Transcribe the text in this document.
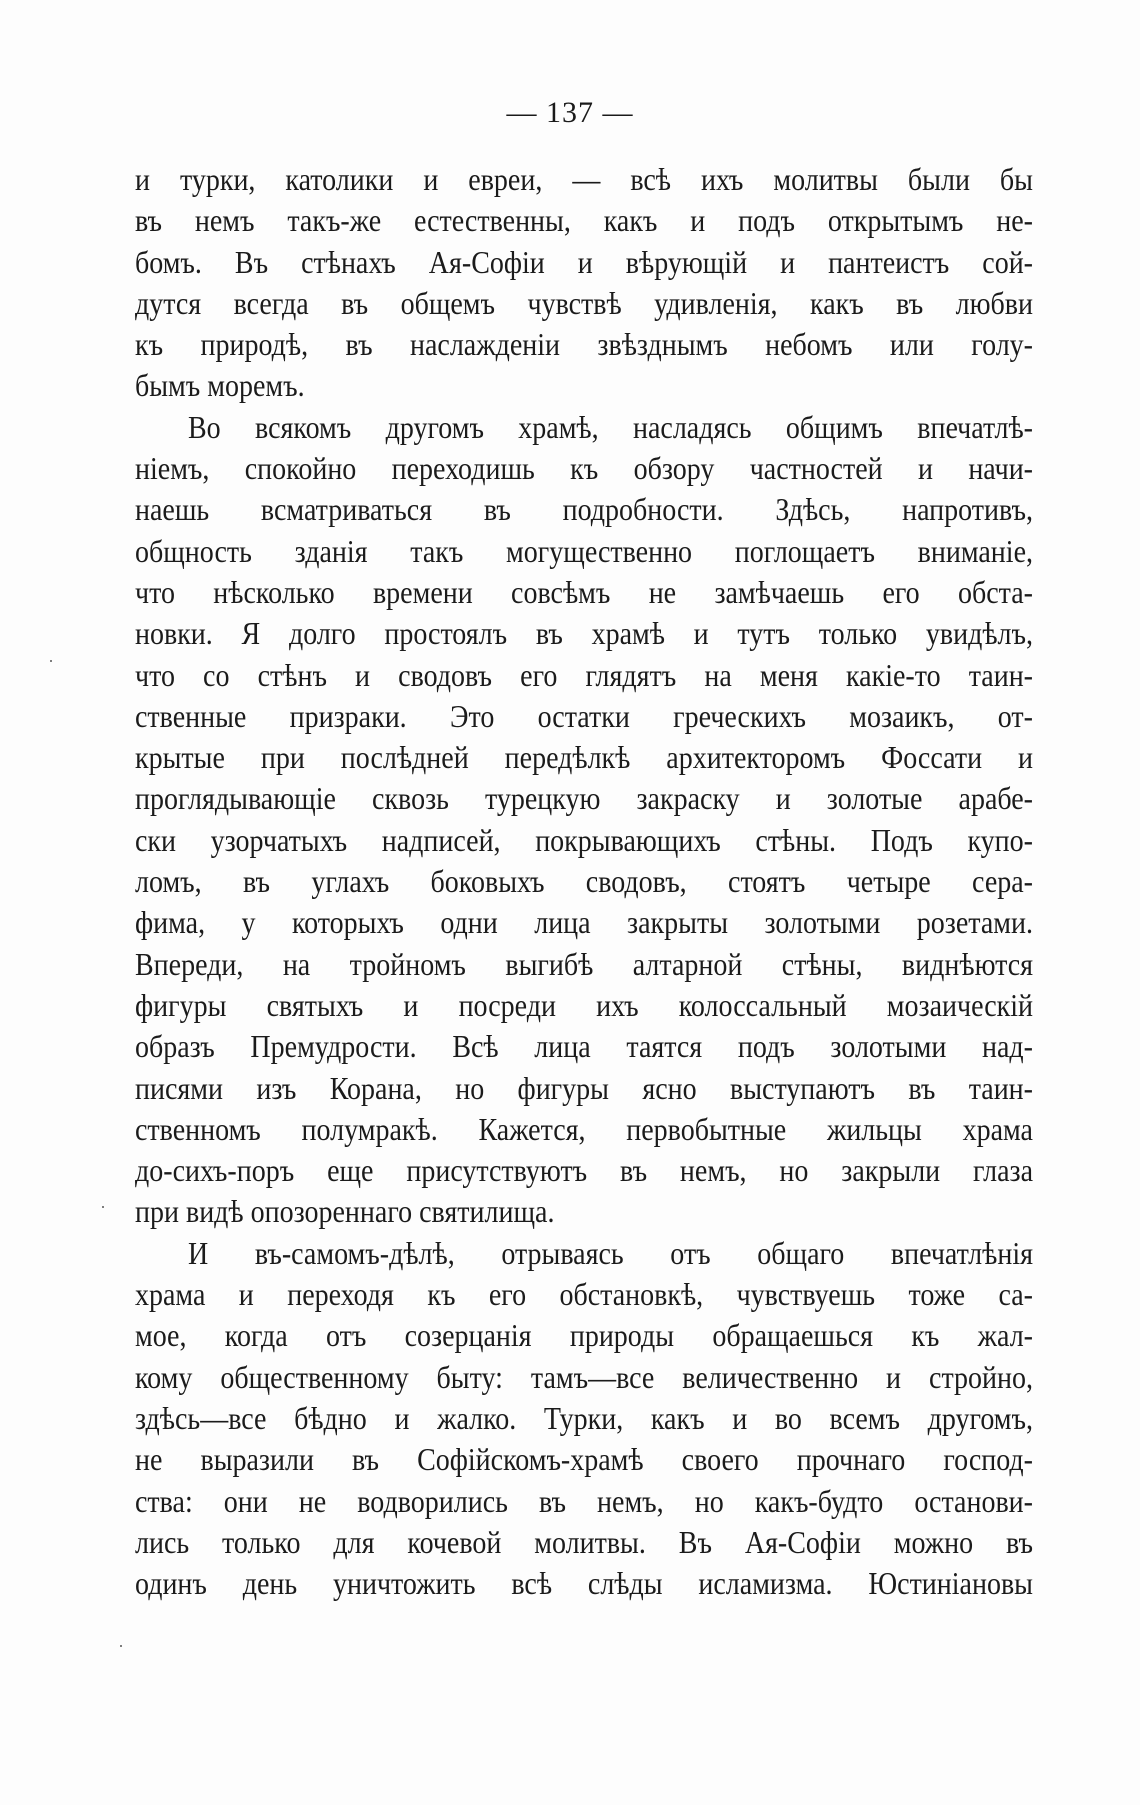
— 137 —
и турки, католики и евреи, — всѣ ихъ молитвы были бы
въ немъ такъ-же естественны, какъ и подъ открытымъ не-
бомъ. Въ стѣнахъ Ая-Софіи и вѣрующій и пантеистъ сой-
дутся всегда въ общемъ чувствѣ удивленія, какъ въ любви
къ природѣ, въ наслажденіи звѣзднымъ небомъ или голу-
бымъ моремъ.
Во всякомъ другомъ храмѣ, насладясь общимъ впечатлѣ-
ніемъ, спокойно переходишь къ обзору частностей и начи-
наешь всматриваться въ подробности. Здѣсь, напротивъ,
общность зданія такъ могущественно поглощаетъ вниманіе,
что нѣсколько времени совсѣмъ не замѣчаешь его обста-
новки. Я долго простоялъ въ храмѣ и тутъ только увидѣлъ,
что со стѣнъ и сводовъ его глядятъ на меня какіе-то таин-
ственные призраки. Это остатки греческихъ мозаикъ, от-
крытые при послѣдней передѣлкѣ архитекторомъ Фоссати и
проглядывающіе сквозь турецкую закраску и золотые арабе-
ски узорчатыхъ надписей, покрывающихъ стѣны. Подъ купо-
ломъ, въ углахъ боковыхъ сводовъ, стоятъ четыре сера-
фима, у которыхъ одни лица закрыты золотыми розетами.
Впереди, на тройномъ выгибѣ алтарной стѣны, виднѣются
фигуры святыхъ и посреди ихъ колоссальный мозаическій
образъ Премудрости. Всѣ лица таятся подъ золотыми над-
писями изъ Корана, но фигуры ясно выступаютъ въ таин-
ственномъ полумракѣ. Кажется, первобытные жильцы храма
до-сихъ-поръ еще присутствуютъ въ немъ, но закрыли глаза
при видѣ опозореннаго святилища.
И въ-самомъ-дѣлѣ, отрываясь отъ общаго впечатлѣнія
храма и переходя къ его обстановкѣ, чувствуешь тоже са-
мое, когда отъ созерцанія природы обращаешься къ жал-
кому общественному быту: тамъ—все величественно и стройно,
здѣсь—все бѣдно и жалко. Турки, какъ и во всемъ другомъ,
не выразили въ Софійскомъ-храмѣ своего прочнаго господ-
ства: они не водворились въ немъ, но какъ-будто останови-
лись только для кочевой молитвы. Въ Ая-Софіи можно въ
одинъ день уничтожить всѣ слѣды исламизма. Юстиніановы
